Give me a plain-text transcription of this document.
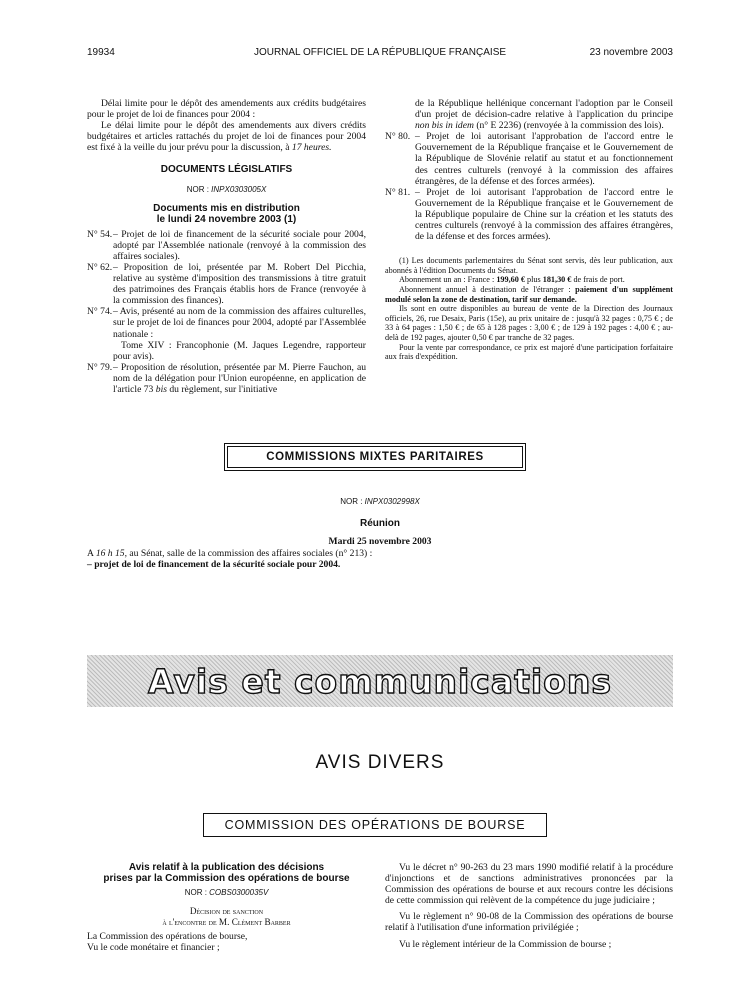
19934	JOURNAL OFFICIEL DE LA RÉPUBLIQUE FRANÇAISE	23 novembre 2003

Délai limite pour le dépôt des amendements aux crédits budgétaires pour le projet de loi de finances pour 2004 :

Le délai limite pour le dépôt des amendements aux divers crédits budgétaires et articles rattachés du projet de loi de finances pour 2004 est fixé à la veille du jour prévu pour la discussion, à 17 heures.

DOCUMENTS LÉGISLATIFS

NOR : INPX0303005X

Documents mis en distribution

le lundi 24 novembre 2003 (1)

N° 54. – Projet de loi de financement de la sécurité sociale pour 2004, adopté par l'Assemblée nationale (renvoyé à la commission des affaires sociales).
N° 62. – Proposition de loi, présentée par M. Robert Del Picchia, relative au système d'imposition des transmissions à titre gratuit des patrimoines des Français établis hors de France (renvoyée à la commission des finances).
N° 74. – Avis, présenté au nom de la commission des affaires culturelles, sur le projet de loi de finances pour 2004, adopté par l'Assemblée nationale :

Tome XIV : Francophonie (M. Jaques Legendre, rapporteur pour avis).

N° 79. – Proposition de résolution, présentée par M. Pierre Fauchon, au nom de la délégation pour l'Union européenne, en application de l'article 73 bis du règlement, sur l'initiative

de la République hellénique concernant l'adoption par le Conseil d'un projet de décision-cadre relative à l'application du principe non bis in idem (n° E 2236) (renvoyée à la commission des lois).

N° 80. – Projet de loi autorisant l'approbation de l'accord entre le Gouvernement de la République française et le Gouvernement de la République de Slovénie relatif au statut et au fonctionnement des centres culturels (renvoyé à la commission des affaires étrangères, de la défense et des forces armées).
N° 81. – Projet de loi autorisant l'approbation de l'accord entre le Gouvernement de la République française et le Gouvernement de la République populaire de Chine sur la création et les statuts des centres culturels (renvoyé à la commission des affaires étrangères, de la défense et des forces armées).

(1) Les documents parlementaires du Sénat sont servis, dès leur publication, aux abonnés à l'édition Documents du Sénat.

Abonnement un an : France : 199,60 € plus 181,30 € de frais de port.

Abonnement annuel à destination de l'étranger : paiement d'un supplément modulé selon la zone de destination, tarif sur demande.

Ils sont en outre disponibles au bureau de vente de la Direction des Journaux officiels, 26, rue Desaix, Paris (15e), au prix unitaire de : jusqu'à 32 pages : 0,75 € ; de 33 à 64 pages : 1,50 € ; de 65 à 128 pages : 3,00 € ; de 129 à 192 pages : 4,00 € ; au-delà de 192 pages, ajouter 0,50 € par tranche de 32 pages.

Pour la vente par correspondance, ce prix est majoré d'une participation forfaitaire aux frais d'expédition.

COMMISSIONS MIXTES PARITAIRES

NOR : INPX0302998X

Réunion

Mardi 25 novembre 2003

A 16 h 15, au Sénat, salle de la commission des affaires sociales (n° 213) :

– projet de loi de financement de la sécurité sociale pour 2004.

Avis et communications
AVIS DIVERS
COMMISSION DES OPÉRATIONS DE BOURSE

Avis relatif à la publication des décisions

prises par la Commission des opérations de bourse

NOR : COBS0300035V

Décision de sanction

à l'encontre de M. Clément Barber

La Commission des opérations de bourse,

Vu le code monétaire et financier ;

Vu le décret n° 90-263 du 23 mars 1990 modifié relatif à la procédure d'injonctions et de sanctions administratives prononcées par la Commission des opérations de bourse et aux recours contre les décisions de cette commission qui relèvent de la compétence du juge judiciaire ;

Vu le règlement n° 90-08 de la Commission des opérations de bourse relatif à l'utilisation d'une information privilégiée ;

Vu le règlement intérieur de la Commission de bourse ;
